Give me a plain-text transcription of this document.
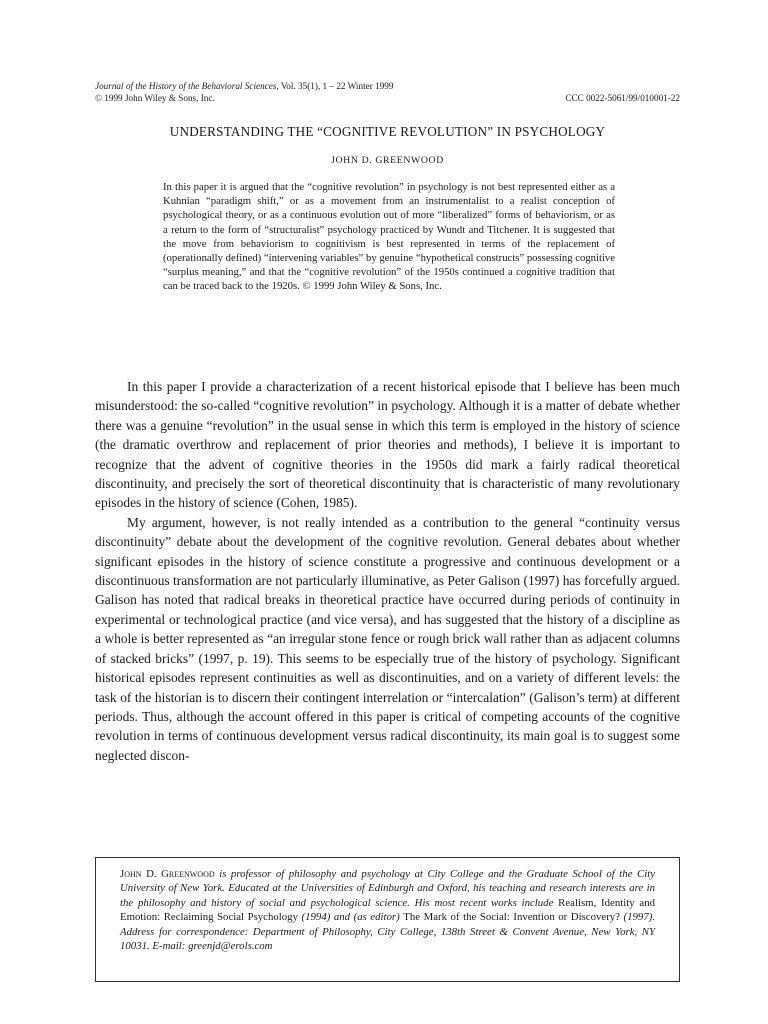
Journal of the History of the Behavioral Sciences, Vol. 35(1), 1 – 22 Winter 1999
© 1999 John Wiley & Sons, Inc.	CCC 0022-5061/99/010001-22
UNDERSTANDING THE “COGNITIVE REVOLUTION” IN PSYCHOLOGY
JOHN D. GREENWOOD
In this paper it is argued that the “cognitive revolution” in psychology is not best represented either as a Kuhnian “paradigm shift,” or as a movement from an instrumentalist to a realist conception of psychological theory, or as a continuous evolution out of more “liberalized” forms of behaviorism, or as a return to the form of “structuralist” psychology practiced by Wundt and Titchener. It is suggested that the move from behaviorism to cognitivism is best represented in terms of the replacement of (operationally defined) “intervening variables” by genuine “hypothetical constructs” possessing cognitive “surplus meaning,” and that the “cognitive revolution” of the 1950s continued a cognitive tradition that can be traced back to the 1920s. © 1999 John Wiley & Sons, Inc.

In this paper I provide a characterization of a recent historical episode that I believe has been much misunderstood: the so-called “cognitive revolution” in psychology. Although it is a matter of debate whether there was a genuine “revolution” in the usual sense in which this term is employed in the history of science (the dramatic overthrow and replacement of prior theories and methods), I believe it is important to recognize that the advent of cognitive theories in the 1950s did mark a fairly radical theoretical discontinuity, and precisely the sort of theoretical discontinuity that is characteristic of many revolutionary episodes in the history of science (Cohen, 1985).

My argument, however, is not really intended as a contribution to the general “continuity versus discontinuity” debate about the development of the cognitive revolution. General debates about whether significant episodes in the history of science constitute a progressive and continuous development or a discontinuous transformation are not particularly illuminative, as Peter Galison (1997) has forcefully argued. Galison has noted that radical breaks in theoretical practice have occurred during periods of continuity in experimental or technological practice (and vice versa), and has suggested that the history of a discipline as a whole is better represented as “an irregular stone fence or rough brick wall rather than as adjacent columns of stacked bricks” (1997, p. 19). This seems to be especially true of the history of psychology. Significant historical episodes represent continuities as well as discontinuities, and on a variety of different levels: the task of the historian is to discern their contingent interrelation or “intercalation” (Galison’s term) at different periods. Thus, although the account offered in this paper is critical of competing accounts of the cognitive revolution in terms of continuous development versus radical discontinuity, its main goal is to suggest some neglected discon-

John D. Greenwood is professor of philosophy and psychology at City College and the Graduate School of the City University of New York. Educated at the Universities of Edinburgh and Oxford, his teaching and research interests are in the philosophy and history of social and psychological science. His most recent works include Realism, Identity and Emotion: Reclaiming Social Psychology (1994) and (as editor) The Mark of the Social: Invention or Discovery? (1997). Address for correspondence: Department of Philosophy, City College, 138th Street & Convent Avenue, New York, NY 10031. E-mail: greenjd@erols.com
